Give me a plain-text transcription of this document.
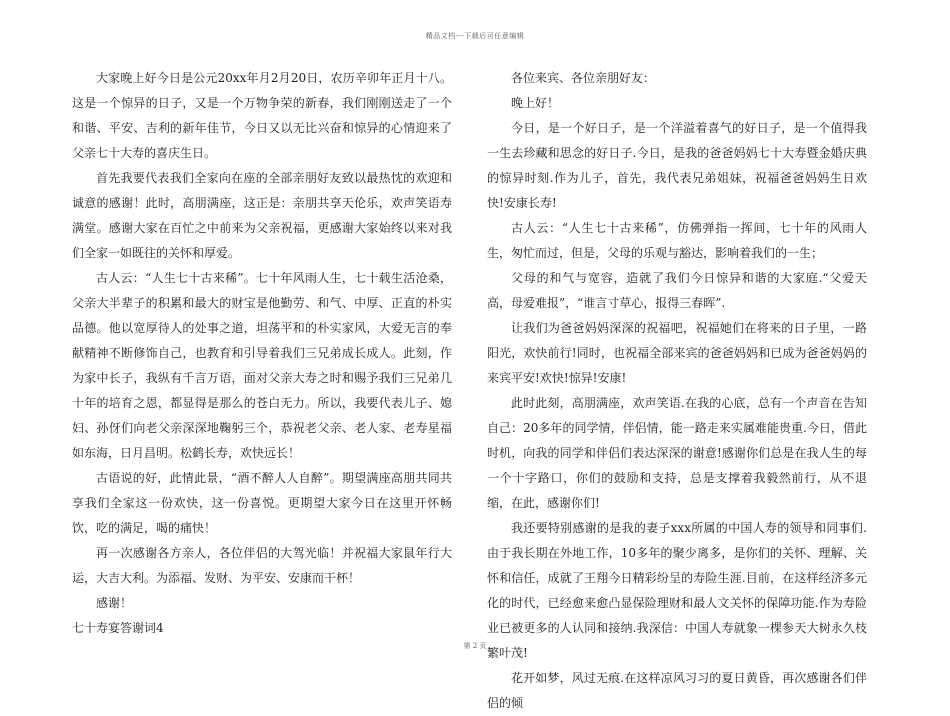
精品文档---下载后可任意编辑

大家晚上好今日是公元20xx年月2月20日，农历辛卯年正月十八。这是一个惊异的日子，又是一个万物争荣的新春，我们刚刚送走了一个和谐、平安、吉利的新年佳节，今日又以无比兴奋和惊异的心情迎来了父亲七十大寿的喜庆生日。

首先我要代表我们全家向在座的全部亲朋好友致以最热忱的欢迎和诚意的感谢！此时，高朋满座，这正是：亲朋共享天伦乐，欢声笑语寿满堂。感谢大家在百忙之中前来为父亲祝福，更感谢大家始终以来对我们全家一如既往的关怀和厚爱。

古人云：“人生七十古来稀”。七十年风雨人生，七十载生活沧桑，父亲大半辈子的积累和最大的财宝是他勤劳、和气、中厚、正直的朴实品德。他以宽厚待人的处事之道，坦荡平和的朴实家风，大爱无言的奉献精神不断修饰自己，也教育和引导着我们三兄弟成长成人。此刻，作为家中长子，我纵有千言万语，面对父亲大寿之时和赐予我们三兄弟几十年的培育之恩，都显得是那么的苍白无力。所以，我要代表儿子、媳妇、孙伢们向老父亲深深地鞠躬三个，恭祝老父亲、老人家、老寿星福如东海，日月昌明。松鹤长寿，欢快远长！

古语说的好，此情此景，“酒不醉人人自醉”。期望满座高朋共同共享我们全家这一份欢快，这一份喜悦。更期望大家今日在这里开怀畅饮，吃的满足，喝的痛快！

再一次感谢各方亲人，各位伴侣的大驾光临！并祝福大家鼠年行大运，大吉大利。为添福、发财、为平安、安康而干杯！

感谢！

七十寿宴答谢词4

各位来宾、各位亲朋好友：

晚上好！

今日，是一个好日子，是一个洋溢着喜气的好日子，是一个值得我一生去珍藏和思念的好日子.今日，是我的爸爸妈妈七十大寿暨金婚庆典的惊异时刻.作为儿子，首先，我代表兄弟姐妹，祝福爸爸妈妈生日欢快!安康长寿!

古人云：“人生七十古来稀”，仿佛弹指一挥间，七十年的风雨人生，匆忙而过，但是，父母的乐观与豁达，影响着我们的一生；

父母的和气与宽容，造就了我们今日惊异和谐的大家庭.“父爱天高，母爱难报”，“谁言寸草心，报得三春晖”.

让我们为爸爸妈妈深深的祝福吧，祝福她们在将来的日子里，一路阳光，欢快前行!同时，也祝福全部来宾的爸爸妈妈和已成为爸爸妈妈的来宾平安!欢快!惊异!安康!

此时此刻，高朋满座，欢声笑语.在我的心底，总有一个声音在告知自己：20多年的同学情，伴侣情，能一路走来实属难能贵重.今日，借此时机，向我的同学和伴侣们表达深深的谢意!感谢你们总是在我人生的每一个十字路口，你们的鼓励和支持，总是支撑着我毅然前行，从不退缩，在此，感谢你们!

我还要特别感谢的是我的妻子xxx所属的中国人寿的领导和同事们.由于我长期在外地工作，10多年的聚少离多，是你们的关怀、理解、关怀和信任，成就了王翔今日精彩纷呈的寿险生涯.目前，在这样经济多元化的时代，已经愈来愈凸显保险理财和最人文关怀的保障功能.作为寿险业已被更多的人认同和接纳.我深信：中国人寿就象一棵参天大树永久枝繁叶茂!

花开如梦，风过无痕.在这样凉风习习的夏日黄昏，再次感谢各们伴侣的倾

第 2 页
